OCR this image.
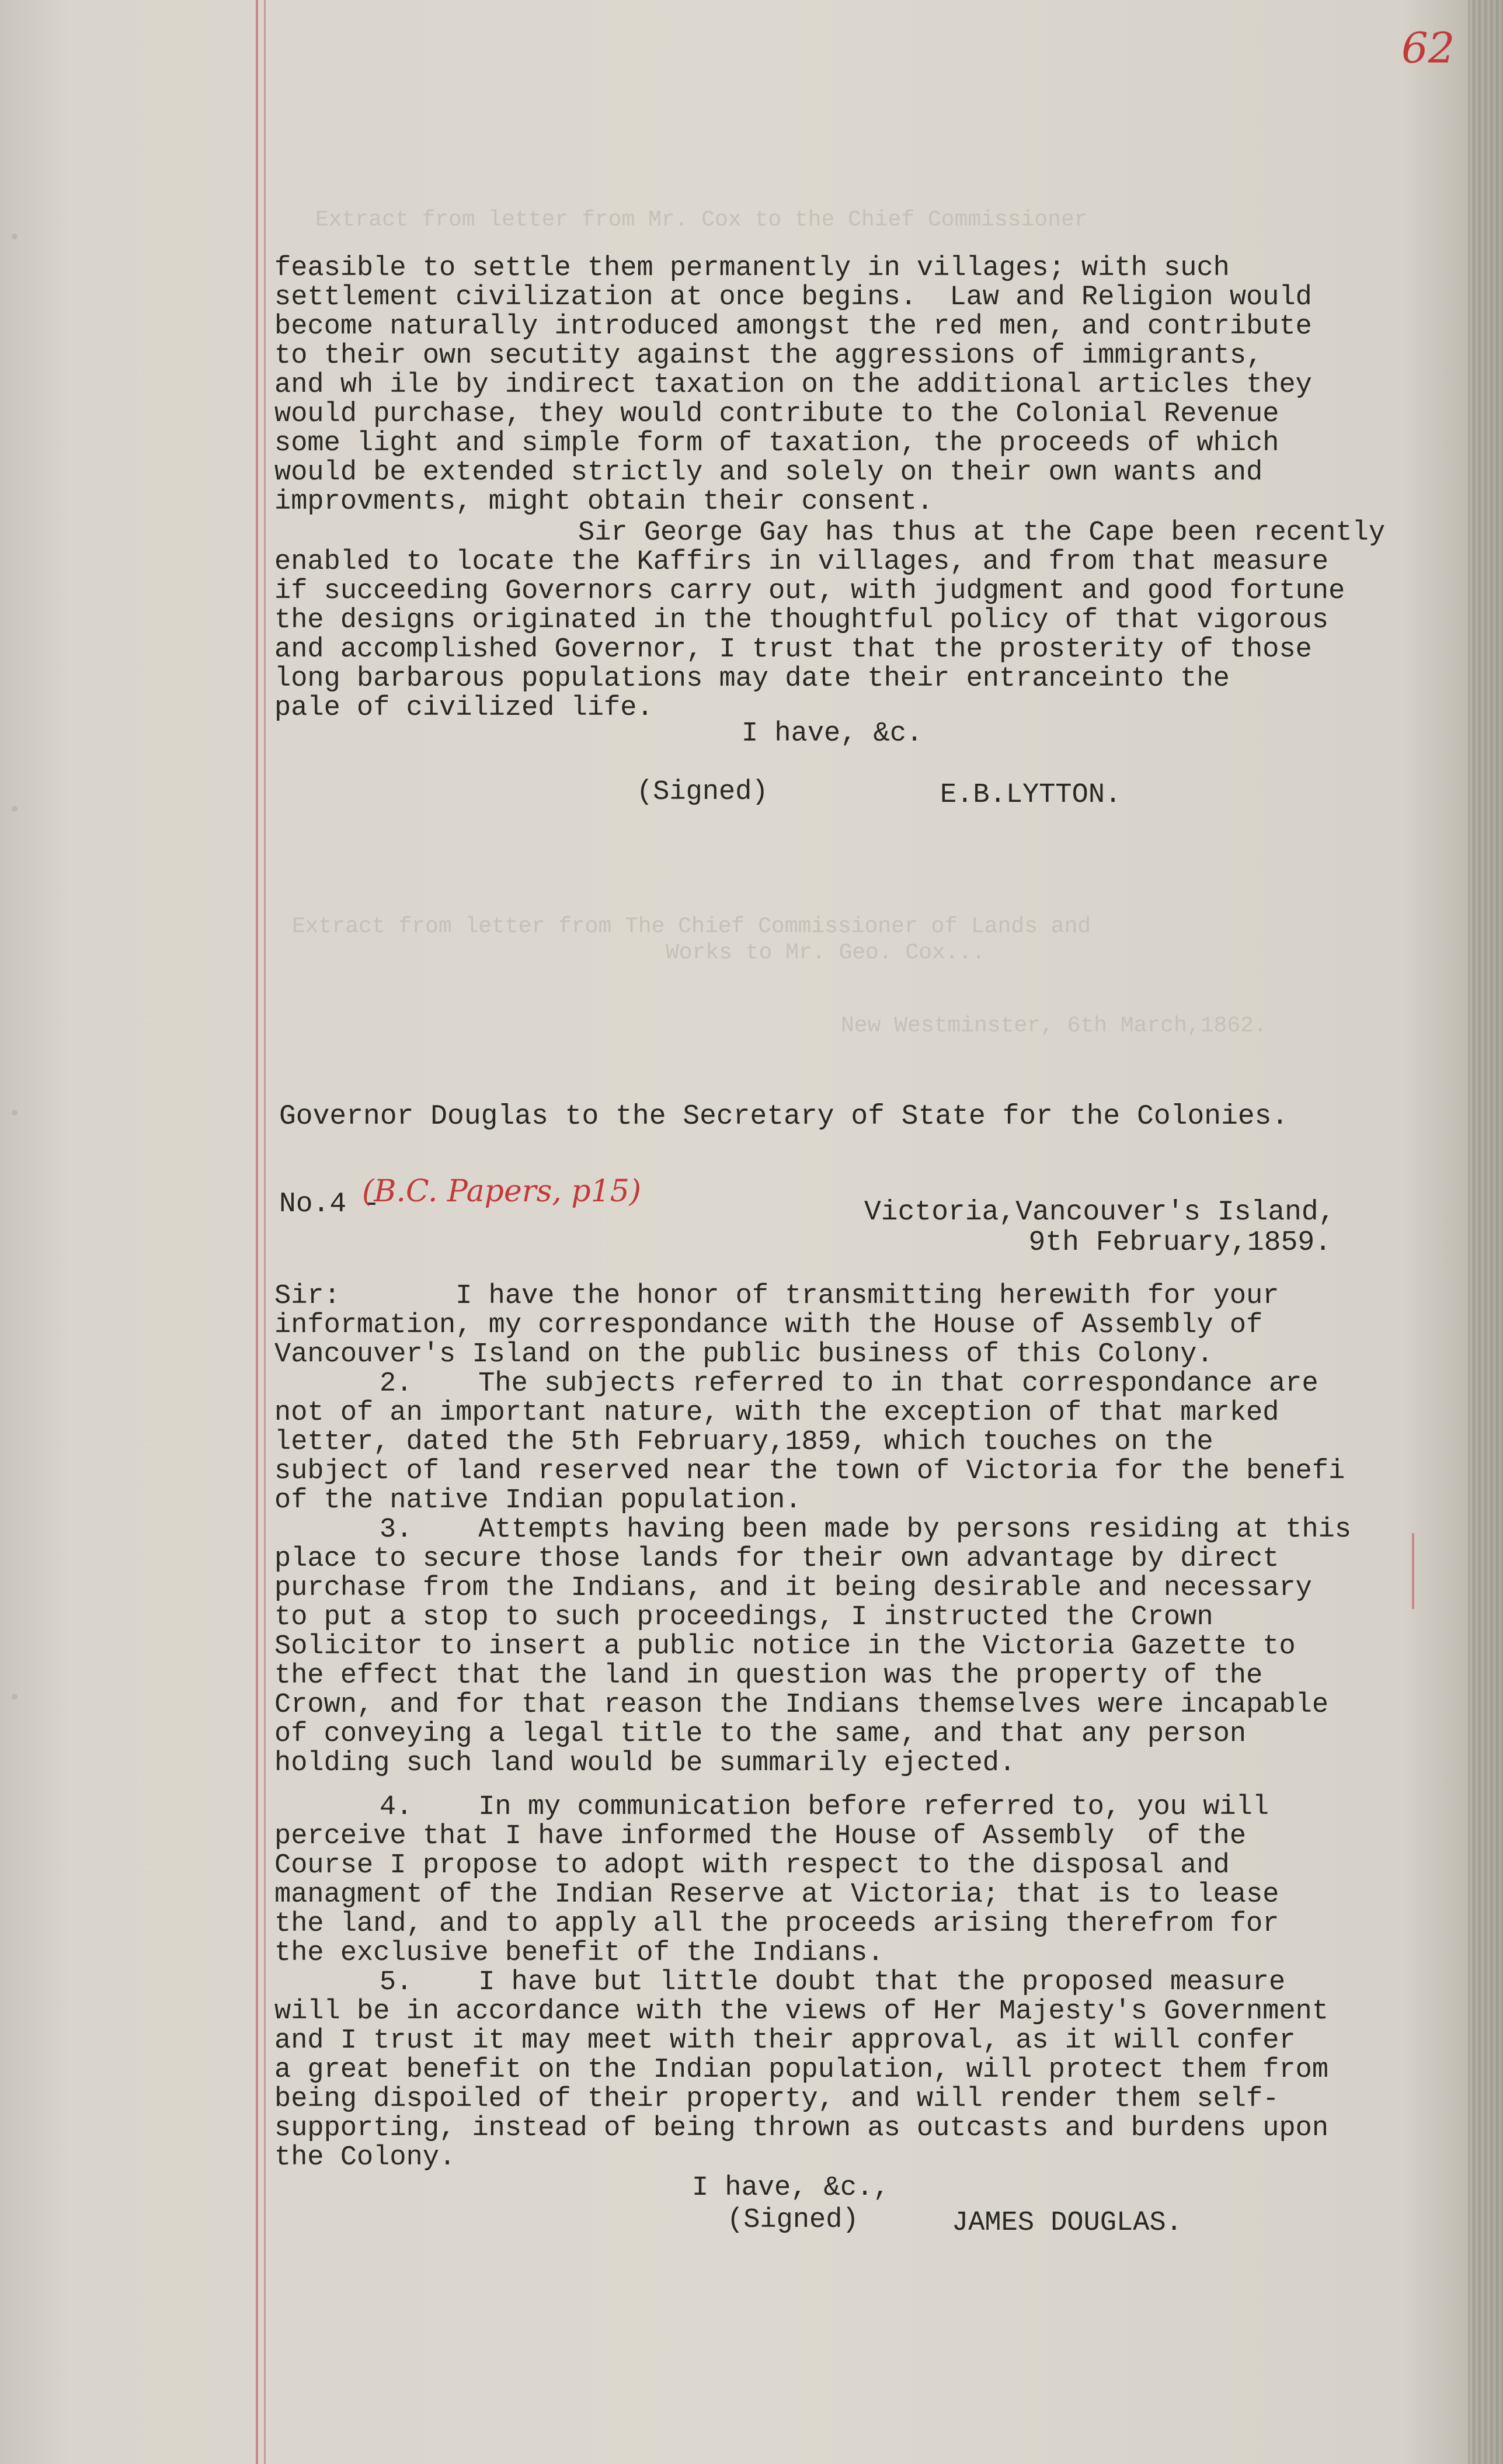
62
Extract from letter from Mr. Cox to the Chief Commissioner
Extract from letter from The Chief Commissioner of Lands and
Works to Mr. Geo. Cox...
New Westminster, 6th March,1862.
feasible to settle them permanently in villages; with such
settlement civilization at once begins.  Law and Religion would
become naturally introduced amongst the red men, and contribute
to their own secutity against the aggressions of immigrants,
and wh ile by indirect taxation on the additional articles they
would purchase, they would contribute to the Colonial Revenue
some light and simple form of taxation, the proceeds of which
would be extended strictly and solely on their own wants and
improvments, might obtain their consent.
Sir George Gay has thus at the Cape been recently
enabled to locate the Kaffirs in villages, and from that measure
if succeeding Governors carry out, with judgment and good fortune
the designs originated in the thoughtful policy of that vigorous
and accomplished Governor, I trust that the prosterity of those
long barbarous populations may date their entranceinto the
pale of civilized life.
I have, &c.
(Signed)	E.B.LYTTON.
Governor Douglas to the Secretary of State for the Colonies.
No.4 -
(B.C. Papers, p15)
Victoria,Vancouver's Island,
9th February,1859.
Sir:       I have the honor of transmitting herewith for your
information, my correspondance with the House of Assembly of
Vancouver's Island on the public business of this Colony.
2.    The subjects referred to in that correspondance are
not of an important nature, with the exception of that marked
letter, dated the 5th February,1859, which touches on the
subject of land reserved near the town of Victoria for the benefi
of the native Indian population.
3.    Attempts having been made by persons residing at this
place to secure those lands for their own advantage by direct
purchase from the Indians, and it being desirable and necessary
to put a stop to such proceedings, I instructed the Crown
Solicitor to insert a public notice in the Victoria Gazette to
the effect that the land in question was the property of the
Crown, and for that reason the Indians themselves were incapable
of conveying a legal title to the same, and that any person
holding such land would be summarily ejected.
4.    In my communication before referred to, you will
perceive that I have informed the House of Assembly  of the
Course I propose to adopt with respect to the disposal and
managment of the Indian Reserve at Victoria; that is to lease
the land, and to apply all the proceeds arising therefrom for
the exclusive benefit of the Indians.
5.    I have but little doubt that the proposed measure
will be in accordance with the views of Her Majesty's Government
and I trust it may meet with their approval, as it will confer
a great benefit on the Indian population, will protect them from
being dispoiled of their property, and will render them self-
supporting, instead of being thrown as outcasts and burdens upon
the Colony.
I have, &c.,
(Signed)	JAMES DOUGLAS.
